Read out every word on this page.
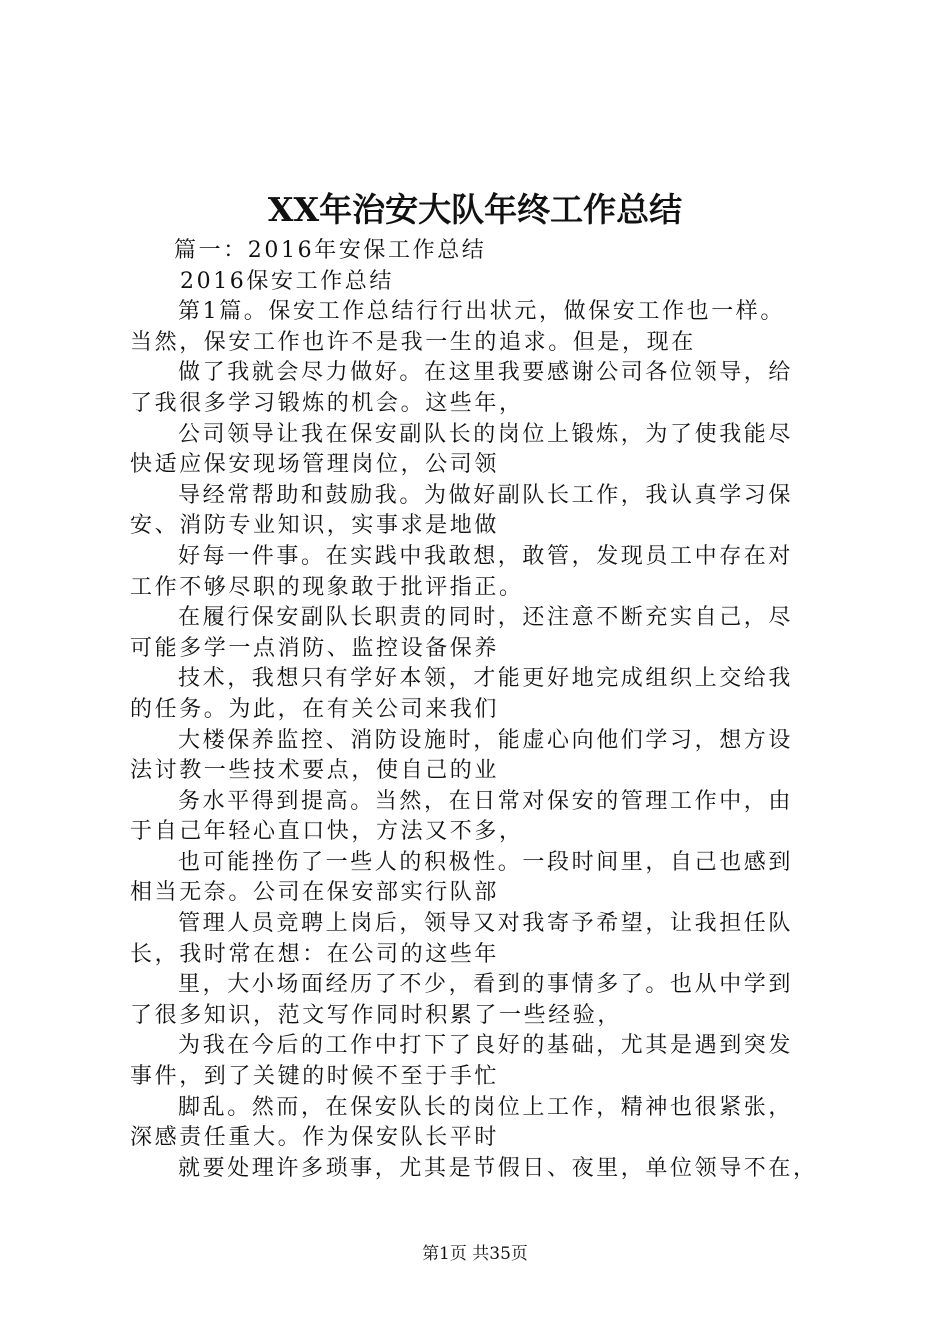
XX年治安大队年终工作总结

篇一：2016年安保工作总结

2016保安工作总结

第1篇。保安工作总结行行出状元，做保安工作也一样。

当然，保安工作也许不是我一生的追求。但是，现在

做了我就会尽力做好。在这里我要感谢公司各位领导，给

了我很多学习锻炼的机会。这些年，

公司领导让我在保安副队长的岗位上锻炼，为了使我能尽

快适应保安现场管理岗位，公司领

导经常帮助和鼓励我。为做好副队长工作，我认真学习保

安、消防专业知识，实事求是地做

好每一件事。在实践中我敢想，敢管，发现员工中存在对

工作不够尽职的现象敢于批评指正。

在履行保安副队长职责的同时，还注意不断充实自己，尽

可能多学一点消防、监控设备保养

技术，我想只有学好本领，才能更好地完成组织上交给我

的任务。为此，在有关公司来我们

大楼保养监控、消防设施时，能虚心向他们学习，想方设

法讨教一些技术要点，使自己的业

务水平得到提高。当然，在日常对保安的管理工作中，由

于自己年轻心直口快，方法又不多，

也可能挫伤了一些人的积极性。一段时间里，自己也感到

相当无奈。公司在保安部实行队部

管理人员竞聘上岗后，领导又对我寄予希望，让我担任队

长，我时常在想：在公司的这些年

里，大小场面经历了不少，看到的事情多了。也从中学到

了很多知识，范文写作同时积累了一些经验，

为我在今后的工作中打下了良好的基础，尤其是遇到突发

事件，到了关键的时候不至于手忙

脚乱。然而，在保安队长的岗位上工作，精神也很紧张，

深感责任重大。作为保安队长平时

就要处理许多琐事，尤其是节假日、夜里，单位领导不在，

第1页 共35页
